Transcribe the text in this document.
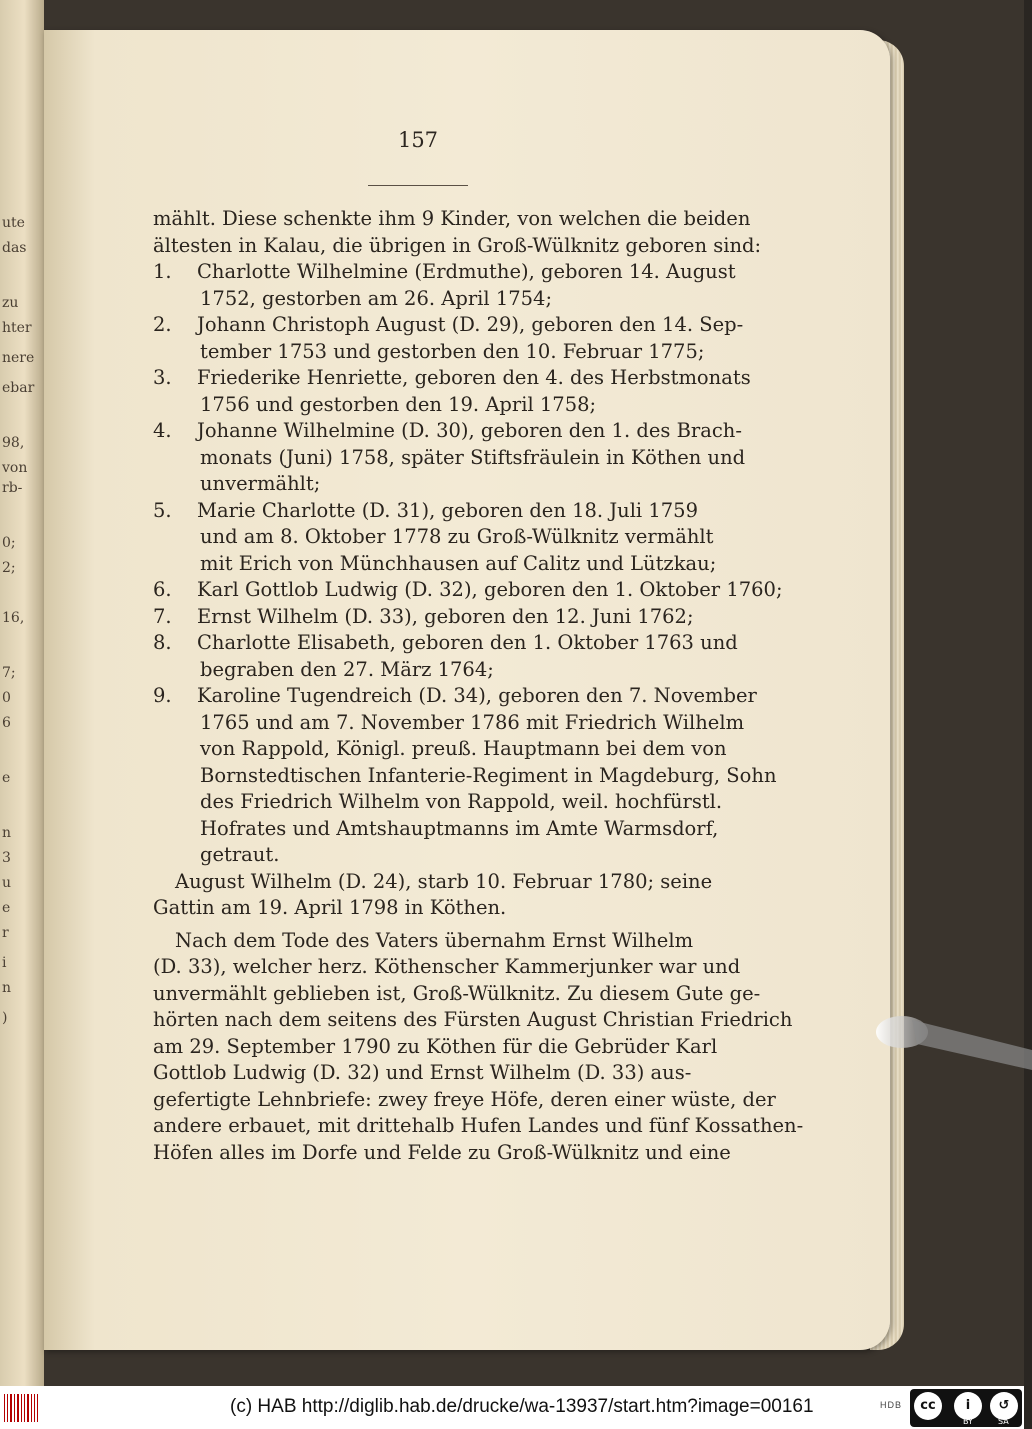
ute
das
zu
hter
nere
ebar
98,
von
rb-
0;
2;
16,
7;
0
6
e
n
3
u
e
r
i
n
)
157
mählt. Diese schenkte ihm 9 Kinder, von welchen die beiden
ältesten in Kalau, die übrigen in Groß-Wülknitz geboren sind:
1. Charlotte Wilhelmine (Erdmuthe), geboren 14. August
1752, gestorben am 26. April 1754;
2. Johann Christoph August (D. 29), geboren den 14. Sep-
tember 1753 und gestorben den 10. Februar 1775;
3. Friederike Henriette, geboren den 4. des Herbstmonats
1756 und gestorben den 19. April 1758;
4. Johanne Wilhelmine (D. 30), geboren den 1. des Brach-
monats (Juni) 1758, später Stiftsfräulein in Köthen und
unvermählt;
5. Marie Charlotte (D. 31), geboren den 18. Juli 1759
und am 8. Oktober 1778 zu Groß-Wülknitz vermählt
mit Erich von Münchhausen auf Calitz und Lützkau;
6. Karl Gottlob Ludwig (D. 32), geboren den 1. Oktober 1760;
7. Ernst Wilhelm (D. 33), geboren den 12. Juni 1762;
8. Charlotte Elisabeth, geboren den 1. Oktober 1763 und
begraben den 27. März 1764;
9. Karoline Tugendreich (D. 34), geboren den 7. November
1765 und am 7. November 1786 mit Friedrich Wilhelm
von Rappold, Königl. preuß. Hauptmann bei dem von
Bornstedtischen Infanterie-Regiment in Magdeburg, Sohn
des Friedrich Wilhelm von Rappold, weil. hochfürstl.
Hofrates und Amtshauptmanns im Amte Warmsdorf,
getraut.
August Wilhelm (D. 24), starb 10. Februar 1780; seine
Gattin am 19. April 1798 in Köthen.
Nach dem Tode des Vaters übernahm Ernst Wilhelm
(D. 33), welcher herz. Köthenscher Kammerjunker war und
unvermählt geblieben ist, Groß-Wülknitz. Zu diesem Gute ge-
hörten nach dem seitens des Fürsten August Christian Friedrich
am 29. September 1790 zu Köthen für die Gebrüder Karl
Gottlob Ludwig (D. 32) und Ernst Wilhelm (D. 33) aus-
gefertigte Lehnbriefe: zwey freye Höfe, deren einer wüste, der
andere erbauet, mit drittehalb Hufen Landes und fünf Kossathen-
Höfen alles im Dorfe und Felde zu Groß-Wülknitz und eine
(c) HAB http://diglib.hab.de/drucke/wa-13937/start.htm?image=00161	HDB	cc	i	↺
BY	SA
